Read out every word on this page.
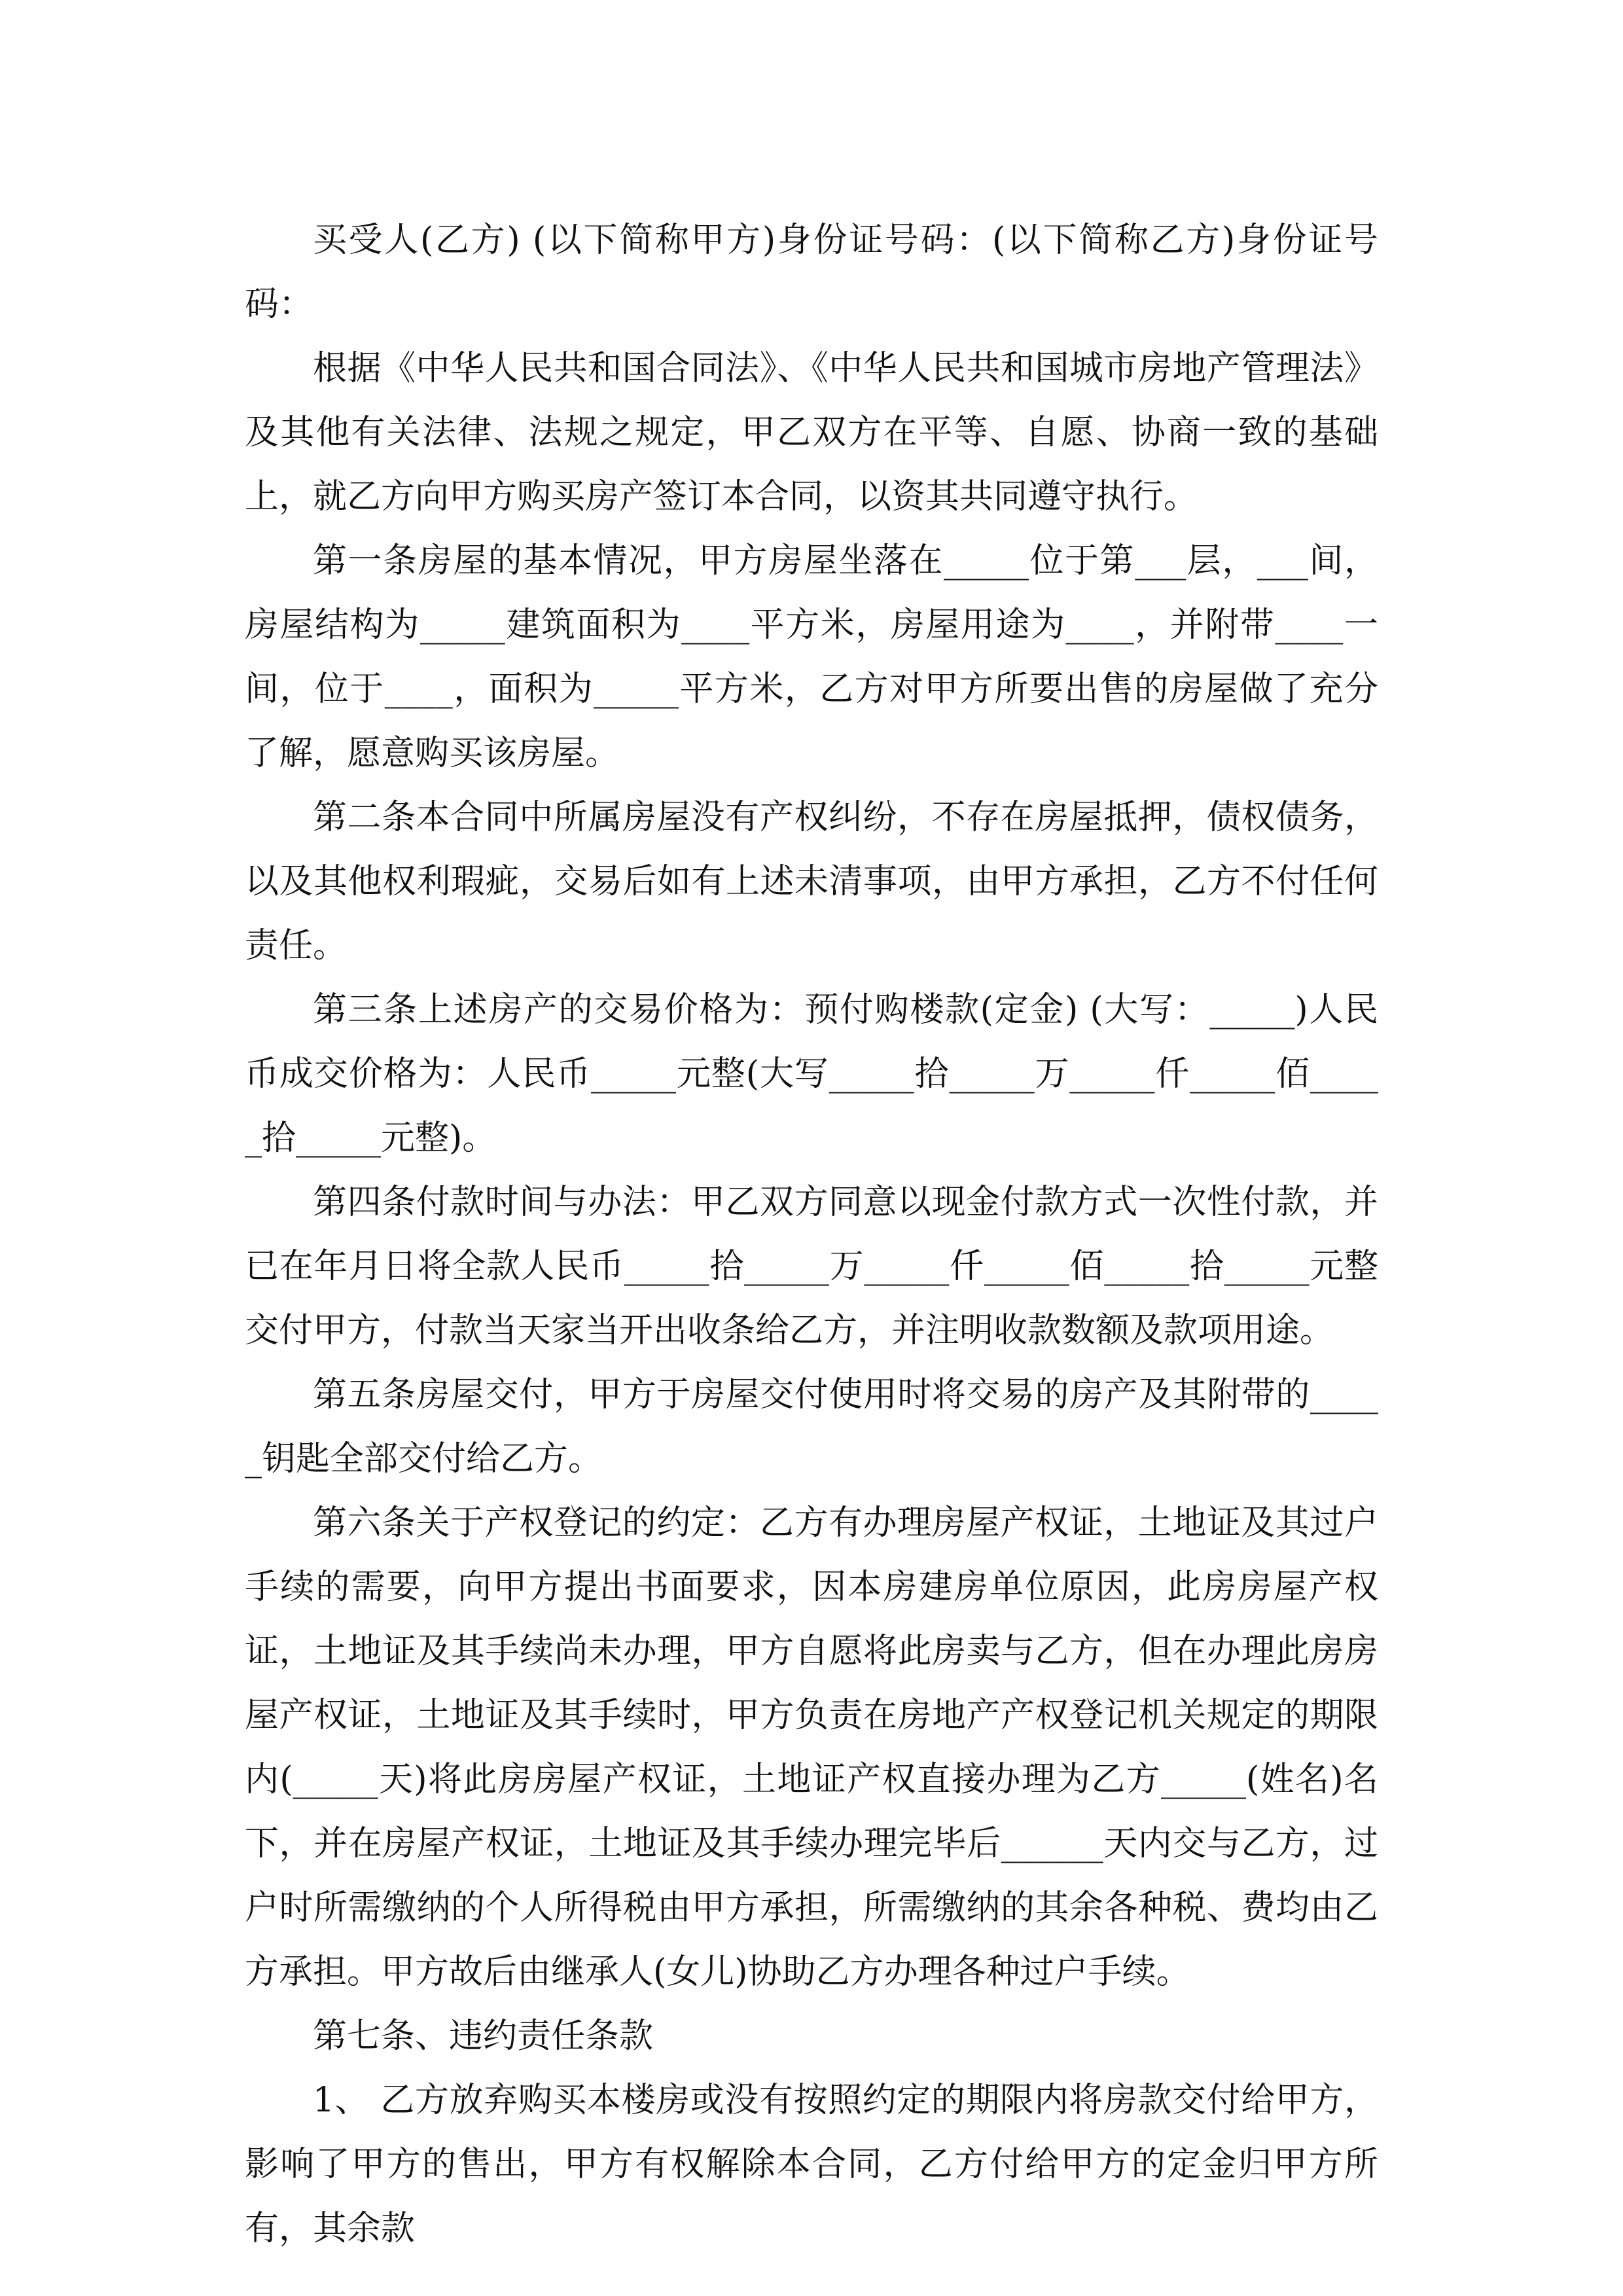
买受人(乙方) (以下简称甲方)身份证号码：(以下简称乙方)身份证号码：

根据《中华人民共和国合同法》、《中华人民共和国城市房地产管理法》及其他有关法律、法规之规定，甲乙双方在平等、自愿、协商一致的基础上，就乙方向甲方购买房产签订本合同，以资其共同遵守执行。

第一条房屋的基本情况，甲方房屋坐落在_____位于第___层，___间，房屋结构为_____建筑面积为____平方米，房屋用途为____，并附带____一间，位于____，面积为_____平方米，乙方对甲方所要出售的房屋做了充分了解，愿意购买该房屋。

第二条本合同中所属房屋没有产权纠纷，不存在房屋抵押，债权债务，以及其他权利瑕疵，交易后如有上述未清事项，由甲方承担，乙方不付任何责任。

第三条上述房产的交易价格为：预付购楼款(定金) (大写：_____)人民币成交价格为：人民币_____元整(大写_____拾_____万_____仟_____佰_____拾_____元整)。

第四条付款时间与办法：甲乙双方同意以现金付款方式一次性付款，并已在年月日将全款人民币_____拾_____万_____仟_____佰_____拾_____元整交付甲方，付款当天家当开出收条给乙方，并注明收款数额及款项用途。

第五条房屋交付，甲方于房屋交付使用时将交易的房产及其附带的_____钥匙全部交付给乙方。

第六条关于产权登记的约定：乙方有办理房屋产权证，土地证及其过户手续的需要，向甲方提出书面要求，因本房建房单位原因，此房房屋产权证，土地证及其手续尚未办理，甲方自愿将此房卖与乙方，但在办理此房房屋产权证，土地证及其手续时，甲方负责在房地产产权登记机关规定的期限内(_____天)将此房房屋产权证，土地证产权直接办理为乙方_____(姓名)名下，并在房屋产权证，土地证及其手续办理完毕后______天内交与乙方，过户时所需缴纳的个人所得税由甲方承担，所需缴纳的其余各种税、费均由乙方承担。甲方故后由继承人(女儿)协助乙方办理各种过户手续。

第七条、违约责任条款

1、 乙方放弃购买本楼房或没有按照约定的期限内将房款交付给甲方，影响了甲方的售出，甲方有权解除本合同，乙方付给甲方的定金归甲方所有，其余款
